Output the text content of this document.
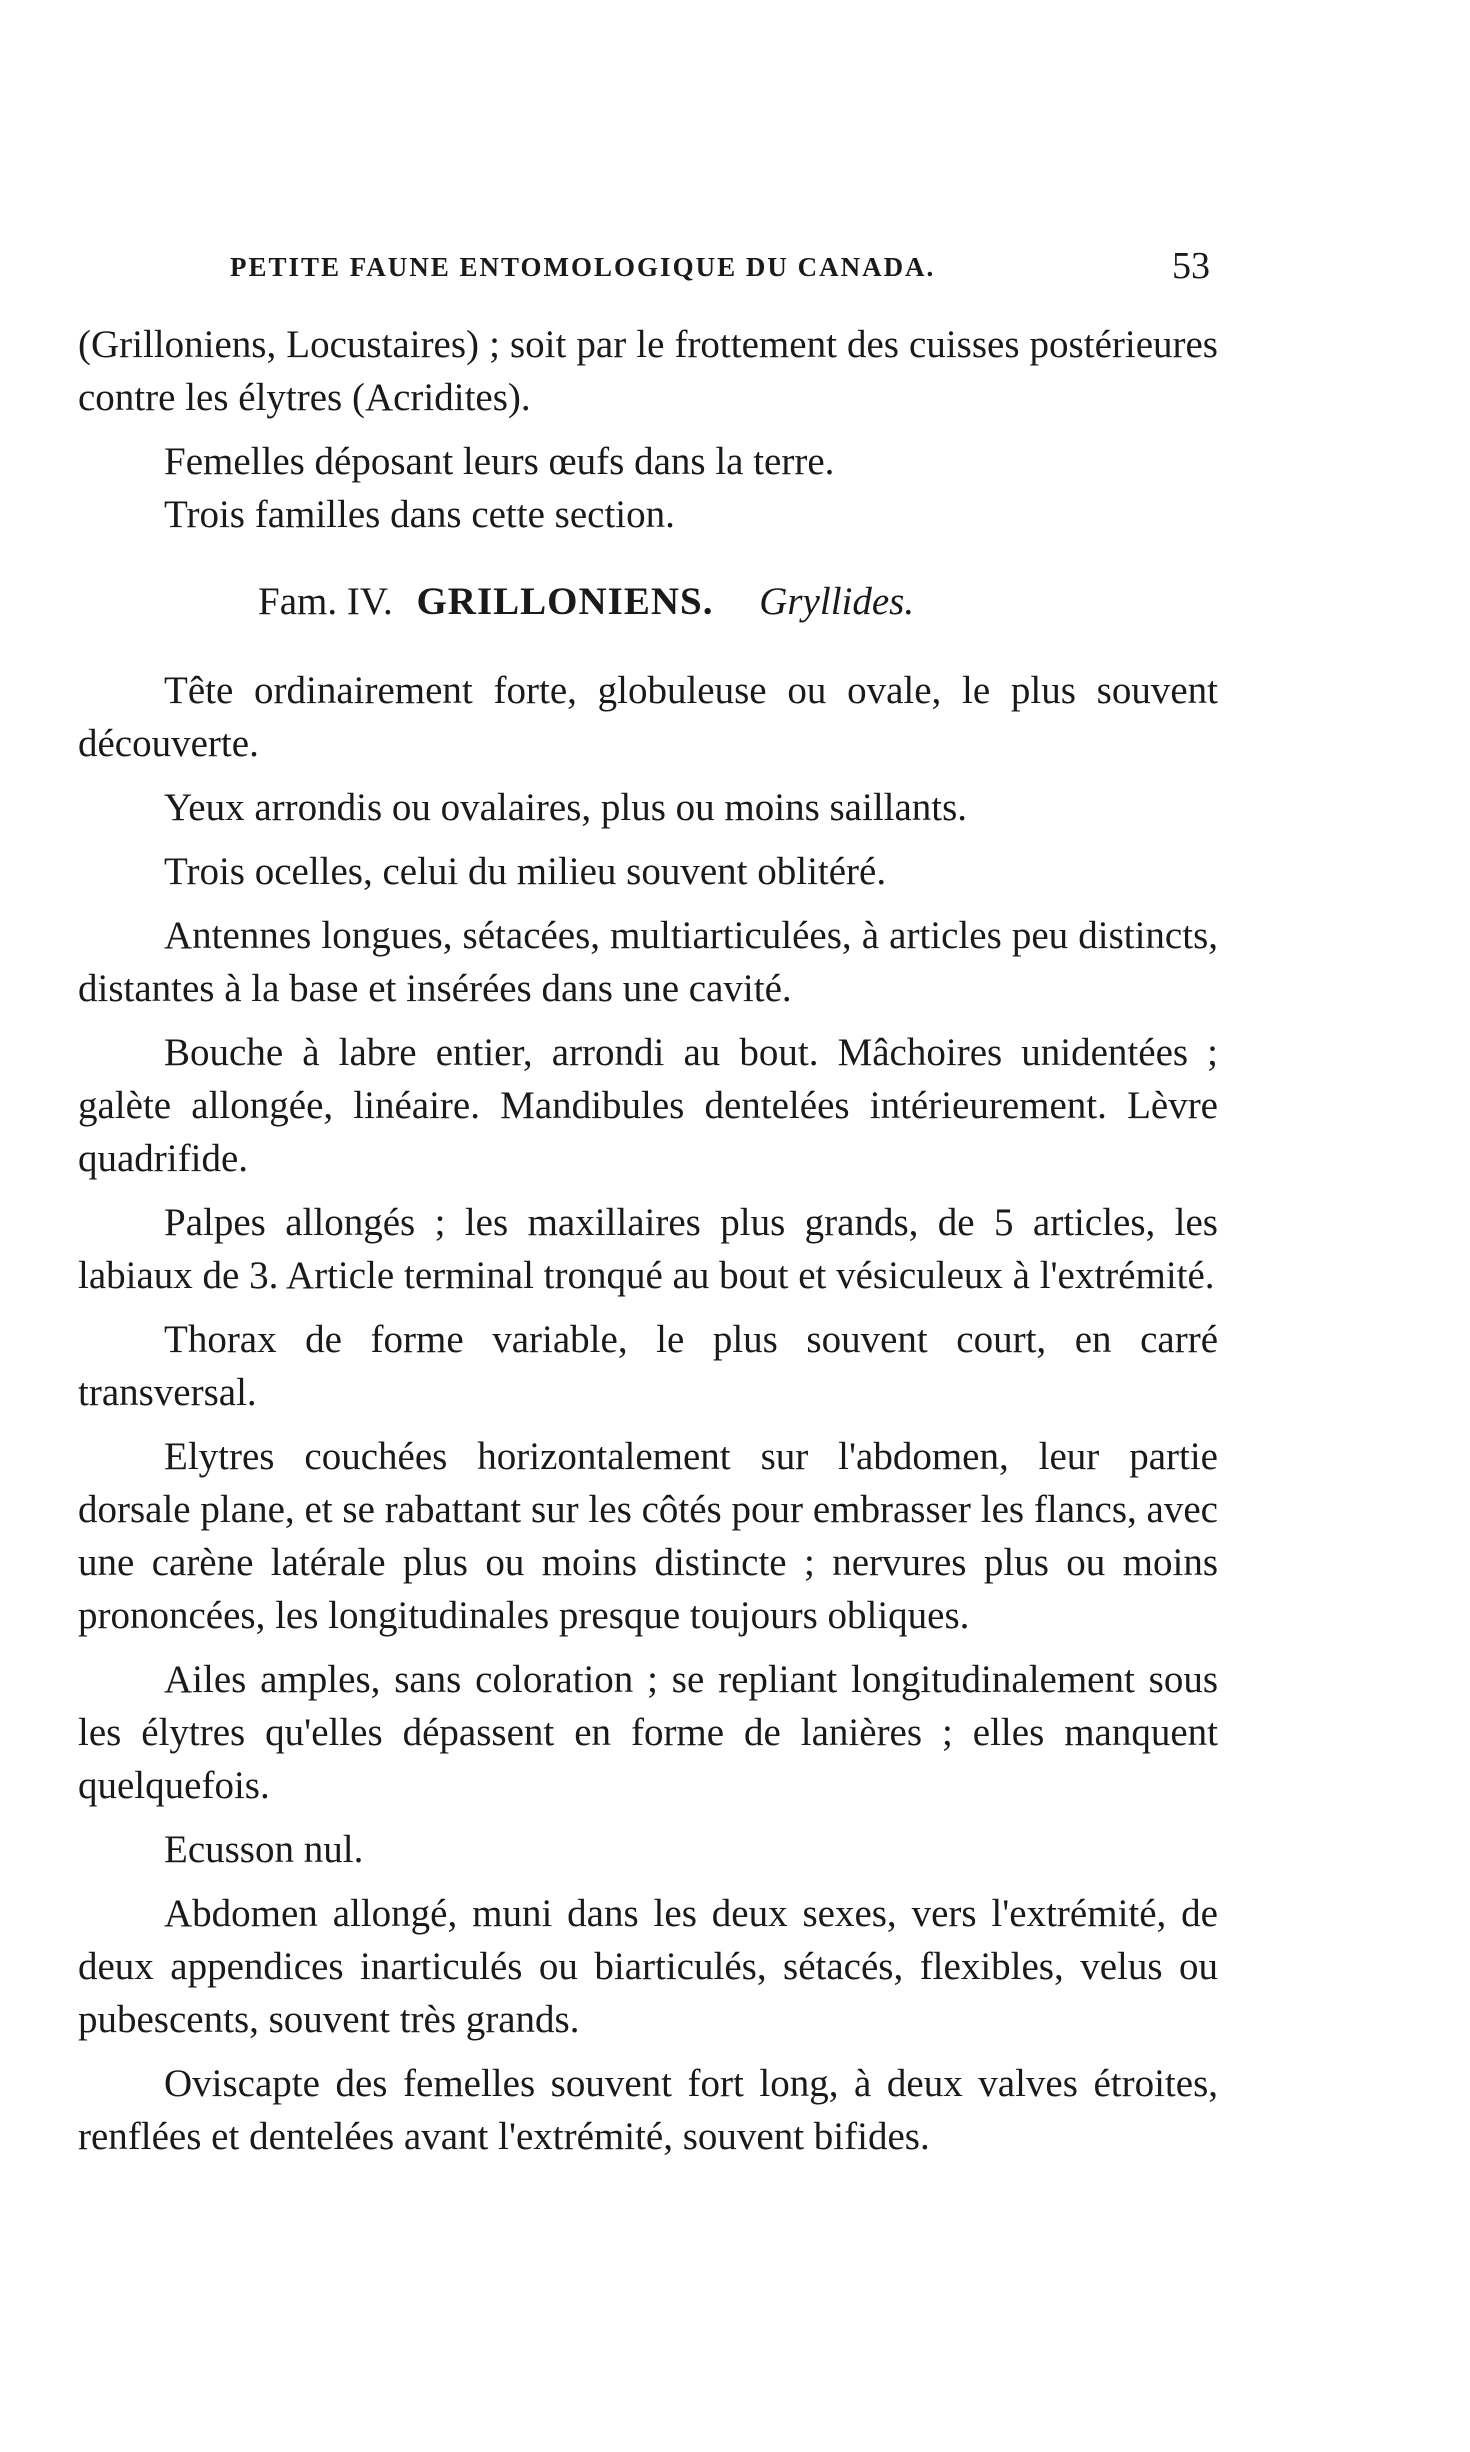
PETITE FAUNE ENTOMOLOGIQUE DU CANADA.	53

(Grilloniens, Locustaires) ; soit par le frottement des cuisses postérieures contre les élytres (Acridites).

Femelles déposant leurs œufs dans la terre.

Trois familles dans cette section.

Fam. IV. GRILLONIENS. Gryllides.

Tête ordinairement forte, globuleuse ou ovale, le plus souvent découverte.

Yeux arrondis ou ovalaires, plus ou moins saillants.

Trois ocelles, celui du milieu souvent oblitéré.

Antennes longues, sétacées, multiarticulées, à articles peu distincts, distantes à la base et insérées dans une cavité.

Bouche à labre entier, arrondi au bout. Mâchoires unidentées ; galète allongée, linéaire. Mandibules dentelées intérieurement. Lèvre quadrifide.

Palpes allongés ; les maxillaires plus grands, de 5 articles, les labiaux de 3. Article terminal tronqué au bout et vésiculeux à l'extrémité.

Thorax de forme variable, le plus souvent court, en carré transversal.

Elytres couchées horizontalement sur l'abdomen, leur partie dorsale plane, et se rabattant sur les côtés pour embrasser les flancs, avec une carène latérale plus ou moins distincte ; nervures plus ou moins prononcées, les longitudinales presque toujours obliques.

Ailes amples, sans coloration ; se repliant longitudinalement sous les élytres qu'elles dépassent en forme de lanières ; elles manquent quelquefois.

Ecusson nul.

Abdomen allongé, muni dans les deux sexes, vers l'extrémité, de deux appendices inarticulés ou biarticulés, sétacés, flexibles, velus ou pubescents, souvent très grands.

Oviscapte des femelles souvent fort long, à deux valves étroites, renflées et dentelées avant l'extrémité, souvent bifides.
